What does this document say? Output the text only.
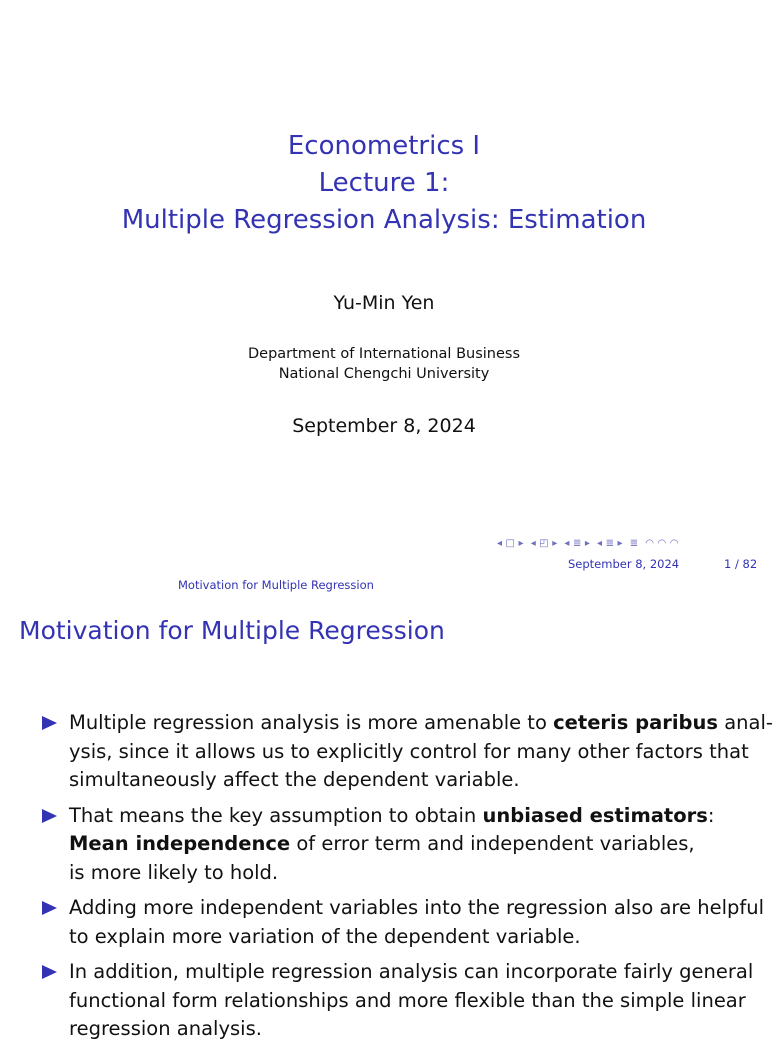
Econometrics I
Lecture 1:
Multiple Regression Analysis: Estimation
Yu-Min Yen
Department of International Business
National Chengchi University
September 8, 2024
◂ □ ▸ ◂ ◰ ▸ ◂ ≣ ▸ ◂ ≣ ▸ ≣ ◠ ◠ ◠
September 8, 2024	1 / 82
Motivation for Multiple Regression
Motivation for Multiple Regression
Multiple regression analysis is more amenable to ceteris paribus anal-
ysis, since it allows us to explicitly control for many other factors that
simultaneously affect the dependent variable.
That means the key assumption to obtain unbiased estimators:
Mean independence of error term and independent variables,
is more likely to hold.
Adding more independent variables into the regression also are helpful
to explain more variation of the dependent variable.
In addition, multiple regression analysis can incorporate fairly general
functional form relationships and more flexible than the simple linear
regression analysis.
